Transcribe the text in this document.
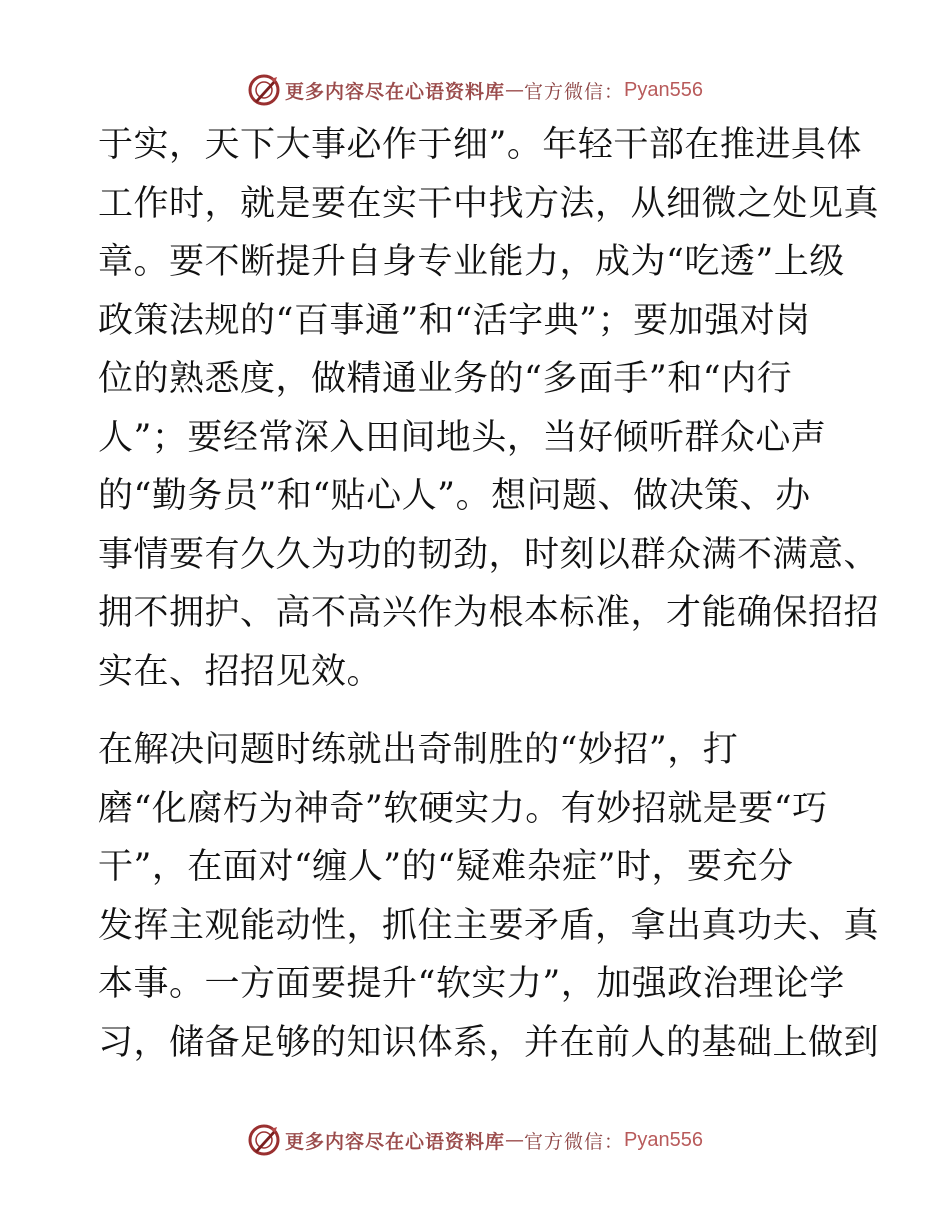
更多内容尽在心语资料库 — 官方微信： Pyan556
于实，天下大事必作于细”。年轻干部在推进具体
工作时，就是要在实干中找方法，从细微之处见真
章。要不断提升自身专业能力，成为“吃透”上级
政策法规的“百事通”和“活字典”；要加强对岗
位的熟悉度，做精通业务的“多面手”和“内行
人”；要经常深入田间地头，当好倾听群众心声
的“勤务员”和“贴心人”。想问题、做决策、办
事情要有久久为功的韧劲，时刻以群众满不满意、
拥不拥护、高不高兴作为根本标准，才能确保招招
实在、招招见效。
在解决问题时练就出奇制胜的“妙招”，打
磨“化腐朽为神奇”软硬实力。有妙招就是要“巧
干”，在面对“缠人”的“疑难杂症”时，要充分
发挥主观能动性，抓住主要矛盾，拿出真功夫、真
本事。一方面要提升“软实力”，加强政治理论学
习，储备足够的知识体系，并在前人的基础上做到
更多内容尽在心语资料库 — 官方微信： Pyan556
